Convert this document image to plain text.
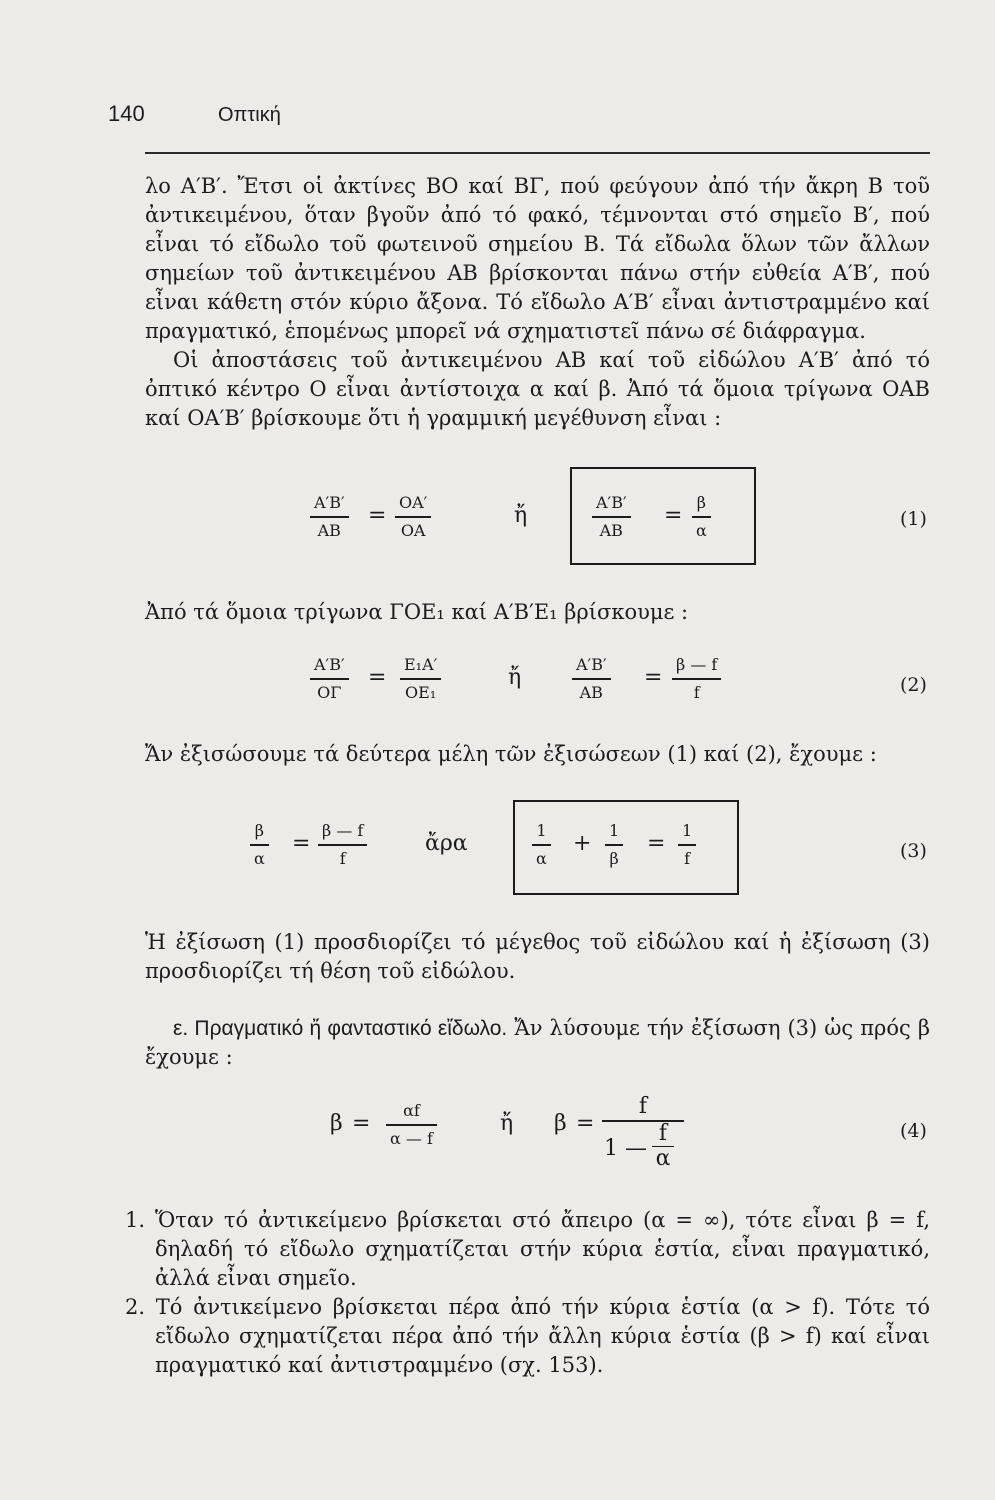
140	Οπτική

λο Α′Β′. Ἔτσι οἱ ἀκτίνες ΒΟ καί ΒΓ, πού φεύγουν ἀπό τήν ἄκρη Β τοῦ ἀντικειμένου, ὅταν βγοῦν ἀπό τό φακό, τέμνονται στό σημεῖο Β′, πού εἶναι τό εἴδωλο τοῦ φωτεινοῦ σημείου Β. Τά εἴδωλα ὅλων τῶν ἄλλων σημείων τοῦ ἀντικειμένου ΑΒ βρίσκονται πάνω στήν εὐθεία Α′Β′, πού εἶναι κάθετη στόν κύριο ἄξονα. Τό εἴδωλο Α′Β′ εἶναι ἀντιστραμμένο καί πραγματικό, ἑπομένως μπορεῖ νά σχηματιστεῖ πάνω σέ διάφραγμα.

Οἱ ἀποστάσεις τοῦ ἀντικειμένου ΑΒ καί τοῦ εἰδώλου Α′Β′ ἀπό τό ὀπτικό κέντρο Ο εἶναι ἀντίστοιχα α καί β. Ἀπό τά ὅμοια τρίγωνα ΟΑΒ καί ΟΑ′Β′ βρίσκουμε ὅτι ἡ γραμμική μεγέθυνση εἶναι :

Α′Β′
ΑΒ
=
ΟΑ′
ΟΑ
ἤ
Α′Β′
ΑΒ
=
β
α	(1)

Ἀπό τά ὅμοια τρίγωνα ΓΟΕ₁ καί Α′Β′Ε₁ βρίσκουμε :

Α′Β′
ΟΓ
=
Ε₁Α′
ΟΕ₁
ἤ
Α′Β′
ΑΒ
=
β — f
f	(2)

Ἄν ἐξισώσουμε τά δεύτερα μέλη τῶν ἐξισώσεων (1) καί (2), ἔχουμε :

β
α
=
β — f
f
ἄρα
1
α
+
1
β
=
1
f	(3)

Ἡ ἐξίσωση (1) προσδιορίζει τό μέγεθος τοῦ εἰδώλου καί ἡ ἐξίσωση (3) προσδιορίζει τή θέση τοῦ εἰδώλου.

ε. Πραγματικό ἤ φανταστικό εἴδωλο. Ἄν λύσουμε τήν ἐξίσωση (3) ὡς πρός β ἔχουμε :

β =
αf
α — f
ἤ β =
f
1 —
f
α
(4)

1. Ὅταν τό ἀντικείμενο βρίσκεται στό ἄπειρο (α = ∞), τότε εἶναι β = f, δηλαδή τό εἴδωλο σχηματίζεται στήν κύρια ἑστία, εἶναι πραγματικό, ἀλλά εἶναι σημεῖο.

2. Τό ἀντικείμενο βρίσκεται πέρα ἀπό τήν κύρια ἑστία (α > f). Τότε τό εἴδωλο σχηματίζεται πέρα ἀπό τήν ἄλλη κύρια ἑστία (β > f) καί εἶναι πραγματικό καί ἀντιστραμμένο (σχ. 153).
